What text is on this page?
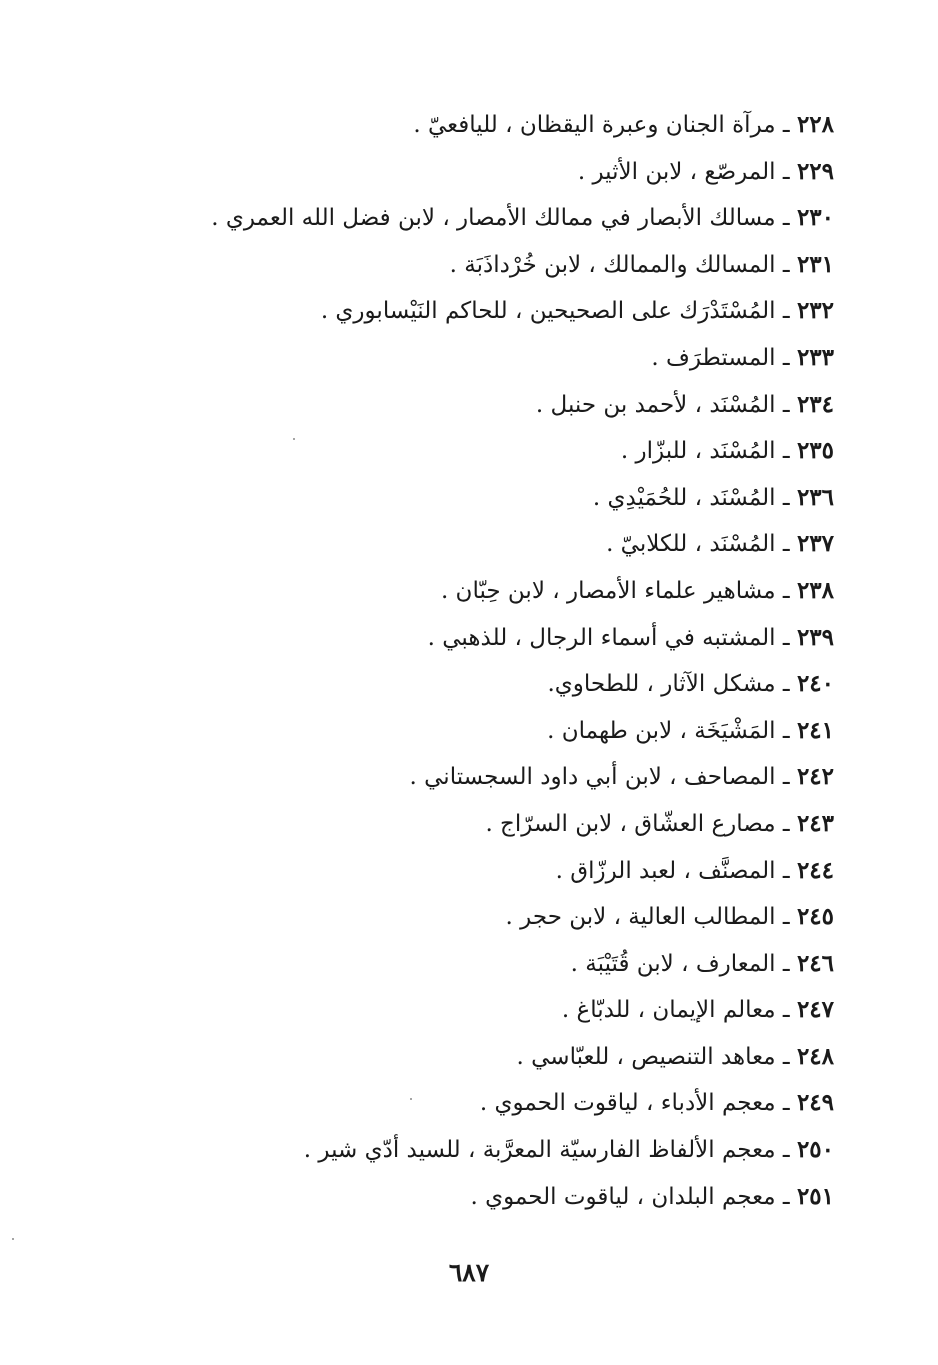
٢٢٨ ـ مرآة الجنان وعبرة اليقظان ، لليافعيّ .
٢٢٩ ـ المرصّع ، لابن الأثير .
٢٣٠ ـ مسالك الأبصار في ممالك الأمصار ، لابن فضل الله العمري .
٢٣١ ـ المسالك والممالك ، لابن خُرْداذَبَة .
٢٣٢ ـ المُسْتَدْرَك على الصحيحين ، للحاكم النَيْسابوري .
٢٣٣ ـ المستطرَف .
٢٣٤ ـ المُسْنَد ، لأحمد بن حنبل .
٢٣٥ ـ المُسْنَد ، للبزّار .
٢٣٦ ـ المُسْنَد ، للحُمَيْدِي .
٢٣٧ ـ المُسْنَد ، للكلابيّ .
٢٣٨ ـ مشاهير علماء الأمصار ، لابن حِبّان .
٢٣٩ ـ المشتبه في أسماء الرجال ، للذهبي .
٢٤٠ ـ مشكل الآثار ، للطحاوي.
٢٤١ ـ المَشْيَخَة ، لابن طهمان .
٢٤٢ ـ المصاحف ، لابن أبي داود السجستاني .
٢٤٣ ـ مصارع العشّاق ، لابن السرّاج .
٢٤٤ ـ المصنَّف ، لعبد الرزّاق .
٢٤٥ ـ المطالب العالية ، لابن حجر .
٢٤٦ ـ المعارف ، لابن قُتَيْبَة .
٢٤٧ ـ معالم الإيمان ، للدبّاغ .
٢٤٨ ـ معاهد التنصيص ، للعبّاسي .
٢٤٩ ـ معجم الأدباء ، لياقوت الحموي .
٢٥٠ ـ معجم الألفاظ الفارسيّة المعرَّبة ، للسيد أدّي شير .
٢٥١ ـ معجم البلدان ، لياقوت الحموي .
٦٨٧
